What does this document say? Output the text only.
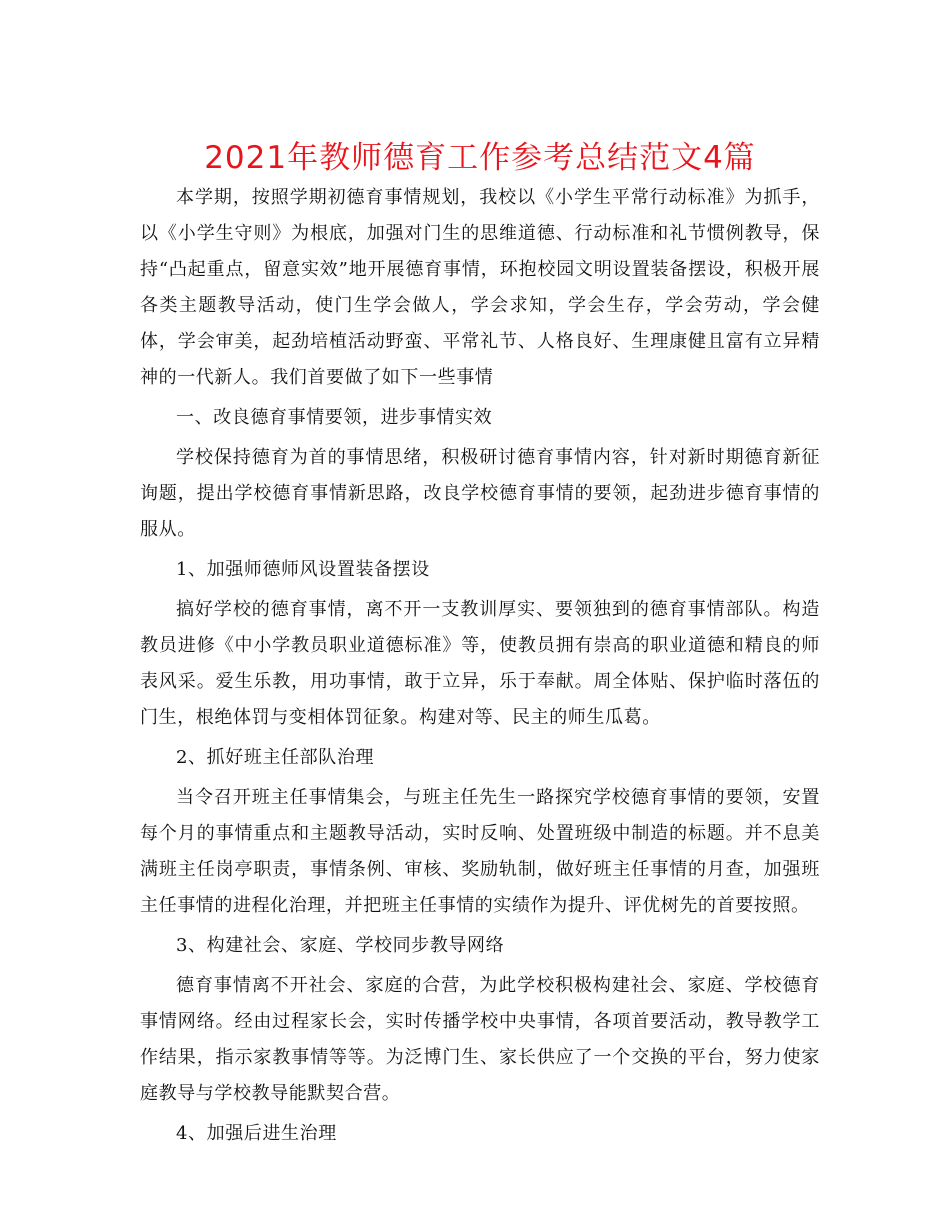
2021年教师德育工作参考总结范文4篇

本学期，按照学期初德育事情规划，我校以《小学生平常行动标准》为抓手，以《小学生守则》为根底，加强对门生的思维道德、行动标准和礼节惯例教导，保持“凸起重点，留意实效”地开展德育事情，环抱校园文明设置装备摆设，积极开展各类主题教导活动，使门生学会做人，学会求知，学会生存，学会劳动，学会健体，学会审美，起劲培植活动野蛮、平常礼节、人格良好、生理康健且富有立异精神的一代新人。我们首要做了如下一些事情

一、改良德育事情要领，进步事情实效

学校保持德育为首的事情思绪，积极研讨德育事情内容，针对新时期德育新征询题，提出学校德育事情新思路，改良学校德育事情的要领，起劲进步德育事情的服从。

1、加强师德师风设置装备摆设

搞好学校的德育事情，离不开一支教训厚实、要领独到的德育事情部队。构造教员进修《中小学教员职业道德标准》等，使教员拥有崇高的职业道德和精良的师表风采。爱生乐教，用功事情，敢于立异，乐于奉献。周全体贴、保护临时落伍的门生，根绝体罚与变相体罚征象。构建对等、民主的师生瓜葛。

2、抓好班主任部队治理

当令召开班主任事情集会，与班主任先生一路探究学校德育事情的要领，安置每个月的事情重点和主题教导活动，实时反响、处置班级中制造的标题。并不息美满班主任岗亭职责，事情条例、审核、奖励轨制，做好班主任事情的月查，加强班主任事情的进程化治理，并把班主任事情的实绩作为提升、评优树先的首要按照。

3、构建社会、家庭、学校同步教导网络

德育事情离不开社会、家庭的合营，为此学校积极构建社会、家庭、学校德育事情网络。经由过程家长会，实时传播学校中央事情，各项首要活动，教导教学工作结果，指示家教事情等等。为泛博门生、家长供应了一个交换的平台，努力使家庭教导与学校教导能默契合营。

4、加强后进生治理
